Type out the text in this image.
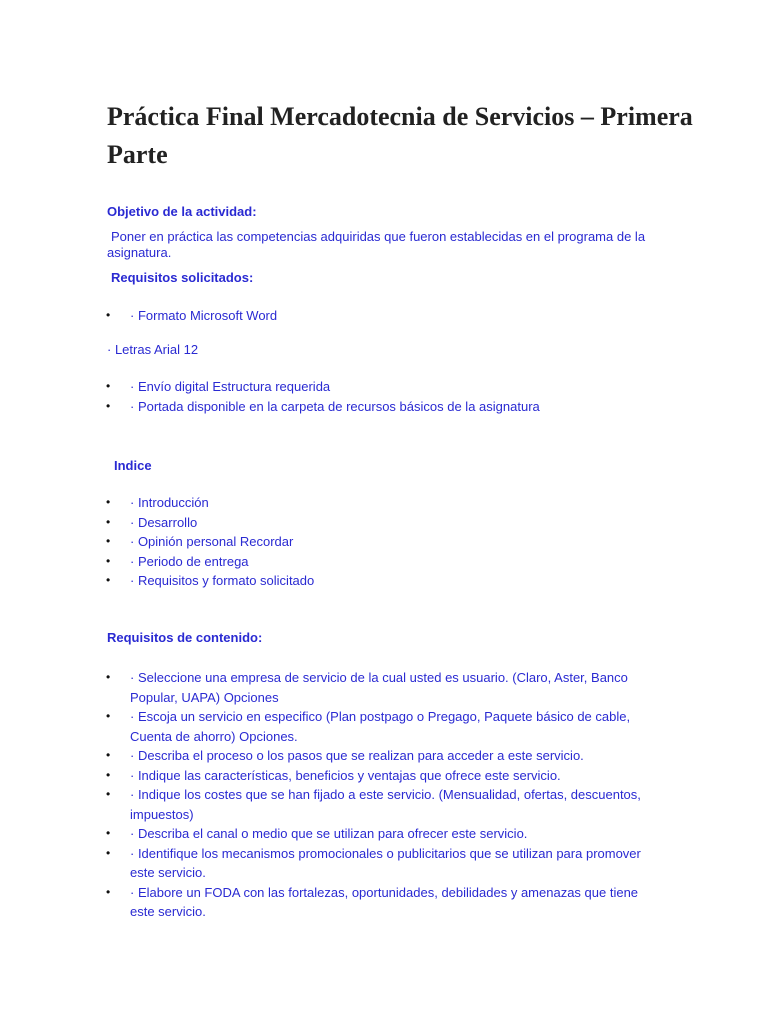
Práctica Final Mercadotecnia de Servicios – Primera Parte

Objetivo de la actividad:

Poner en práctica las competencias adquiridas que fueron establecidas en el programa de la asignatura.

Requisitos solicitados:

• · Formato Microsoft Word

· Letras Arial 12

• · Envío digital Estructura requerida
• · Portada disponible en la carpeta de recursos básicos de la asignatura

Indice

• · Introducción
• · Desarrollo
• · Opinión personal Recordar
• · Periodo de entrega
• · Requisitos y formato solicitado

Requisitos de contenido:

• · Seleccione una empresa de servicio de la cual usted es usuario. (Claro, Aster, Banco Popular, UAPA) Opciones
• · Escoja un servicio en especifico (Plan postpago o Pregago, Paquete básico de cable, Cuenta de ahorro) Opciones.
• · Describa el proceso o los pasos que se realizan para acceder a este servicio.
• · Indique las características, beneficios y ventajas que ofrece este servicio.
• · Indique los costes que se han fijado a este servicio. (Mensualidad, ofertas, descuentos, impuestos)
• · Describa el canal o medio que se utilizan para ofrecer este servicio.
• · Identifique los mecanismos promocionales o publicitarios que se utilizan para promover este servicio.
• · Elabore un FODA con las fortalezas, oportunidades, debilidades y amenazas que tiene este servicio.
